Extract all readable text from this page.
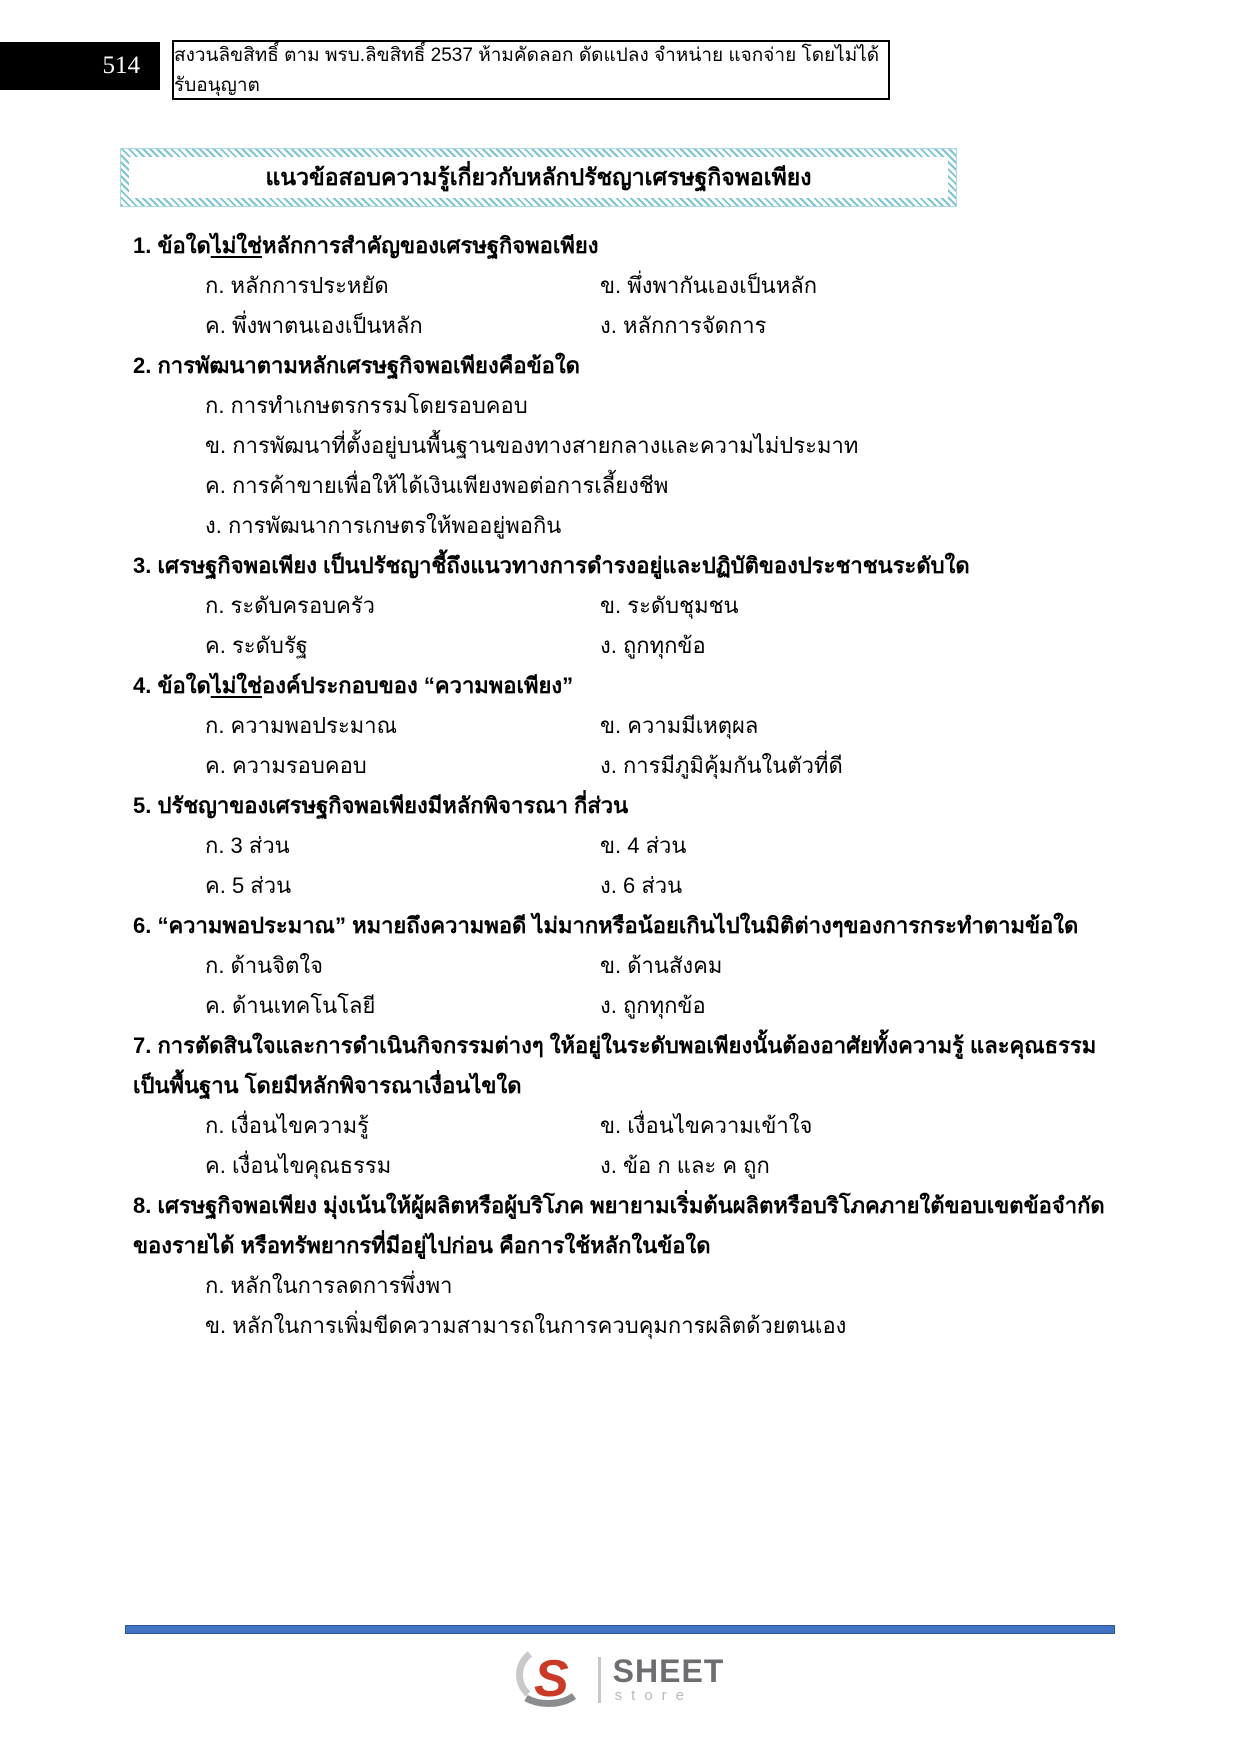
514	สงวนลิขสิทธิ์ ตาม พรบ.ลิขสิทธิ์ 2537 ห้ามคัดลอก ดัดแปลง จำหน่าย แจกจ่าย โดยไม่ได้รับอนุญาต
แนวข้อสอบความรู้เกี่ยวกับหลักปรัชญาเศรษฐกิจพอเพียง
1. ข้อใดไม่ใช่หลักการสำคัญของเศรษฐกิจพอเพียง
ก. หลักการประหยัด	ข. พึ่งพากันเองเป็นหลัก
ค. พึ่งพาตนเองเป็นหลัก	ง. หลักการจัดการ
2. การพัฒนาตามหลักเศรษฐกิจพอเพียงคือข้อใด
ก. การทำเกษตรกรรมโดยรอบคอบ
ข. การพัฒนาที่ตั้งอยู่บนพื้นฐานของทางสายกลางและความไม่ประมาท
ค. การค้าขายเพื่อให้ได้เงินเพียงพอต่อการเลี้ยงชีพ
ง. การพัฒนาการเกษตรให้พออยู่พอกิน
3. เศรษฐกิจพอเพียง เป็นปรัชญาชี้ถึงแนวทางการดำรงอยู่และปฏิบัติของประชาชนระดับใด
ก. ระดับครอบครัว	ข. ระดับชุมชน
ค. ระดับรัฐ	ง. ถูกทุกข้อ
4. ข้อใดไม่ใช่องค์ประกอบของ “ความพอเพียง”
ก. ความพอประมาณ	ข. ความมีเหตุผล
ค. ความรอบคอบ	ง. การมีภูมิคุ้มกันในตัวที่ดี
5. ปรัชญาของเศรษฐกิจพอเพียงมีหลักพิจารณา กี่ส่วน
ก. 3 ส่วน	ข. 4 ส่วน
ค. 5 ส่วน	ง. 6 ส่วน
6. “ความพอประมาณ” หมายถึงความพอดี ไม่มากหรือน้อยเกินไปในมิติต่างๆของการกระทำตามข้อใด
ก. ด้านจิตใจ	ข. ด้านสังคม
ค. ด้านเทคโนโลยี	ง. ถูกทุกข้อ
7. การตัดสินใจและการดำเนินกิจกรรมต่างๆ ให้อยู่ในระดับพอเพียงนั้นต้องอาศัยทั้งความรู้ และคุณธรรมเป็นพื้นฐาน โดยมีหลักพิจารณาเงื่อนไขใด
ก. เงื่อนไขความรู้	ข. เงื่อนไขความเข้าใจ
ค. เงื่อนไขคุณธรรม	ง. ข้อ ก และ ค ถูก
8. เศรษฐกิจพอเพียง มุ่งเน้นให้ผู้ผลิตหรือผู้บริโภค พยายามเริ่มต้นผลิตหรือบริโภคภายใต้ขอบเขตข้อจำกัดของรายได้ หรือทรัพยากรที่มีอยู่ไปก่อน คือการใช้หลักในข้อใด
ก. หลักในการลดการพึ่งพา
ข. หลักในการเพิ่มขีดความสามารถในการควบคุมการผลิตด้วยตนเอง
S SHEET
store
